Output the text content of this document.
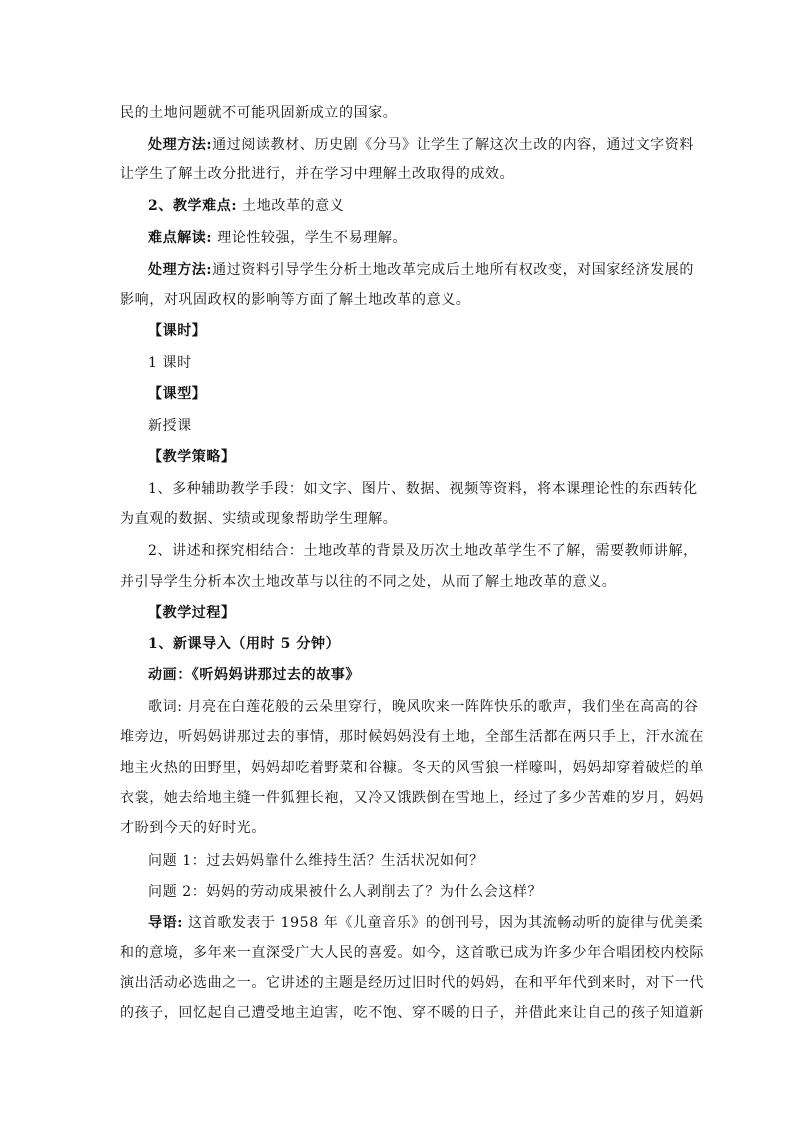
民的土地问题就不可能巩固新成立的国家。
处理方法:通过阅读教材、历史剧《分马》让学生了解这次土改的内容，通过文字资料
让学生了解土改分批进行，并在学习中理解土改取得的成效。
2、教学难点: 土地改革的意义
难点解读: 理论性较强，学生不易理解。
处理方法:通过资料引导学生分析土地改革完成后土地所有权改变，对国家经济发展的
影响，对巩固政权的影响等方面了解土地改革的意义。
【课时】
1 课时
【课型】
新授课
【教学策略】
1、多种辅助教学手段：如文字、图片、数据、视频等资料，将本课理论性的东西转化
为直观的数据、实绩或现象帮助学生理解。
2、讲述和探究相结合：土地改革的背景及历次土地改革学生不了解，需要教师讲解，
并引导学生分析本次土地改革与以往的不同之处，从而了解土地改革的意义。
【教学过程】
1、新课导入（用时 5 分钟）
动画：《听妈妈讲那过去的故事》
歌词: 月亮在白莲花般的云朵里穿行，晚风吹来一阵阵快乐的歌声，我们坐在高高的谷
堆旁边，听妈妈讲那过去的事情，那时候妈妈没有土地，全部生活都在两只手上，汗水流在
地主火热的田野里，妈妈却吃着野菜和谷糠。冬天的风雪狼一样嚎叫，妈妈却穿着破烂的单
衣裳，她去给地主缝一件狐狸长袍，又冷又饿跌倒在雪地上，经过了多少苦难的岁月，妈妈
才盼到今天的好时光。
问题 1：过去妈妈靠什么维持生活？生活状况如何？
问题 2：妈妈的劳动成果被什么人剥削去了？为什么会这样？
导语: 这首歌发表于 1958 年《儿童音乐》的创刊号，因为其流畅动听的旋律与优美柔
和的意境，多年来一直深受广大人民的喜爱。如今，这首歌已成为许多少年合唱团校内校际
演出活动必选曲之一。它讲述的主题是经历过旧时代的妈妈，在和平年代到来时，对下一代
的孩子，回忆起自己遭受地主迫害，吃不饱、穿不暖的日子，并借此来让自己的孩子知道新
